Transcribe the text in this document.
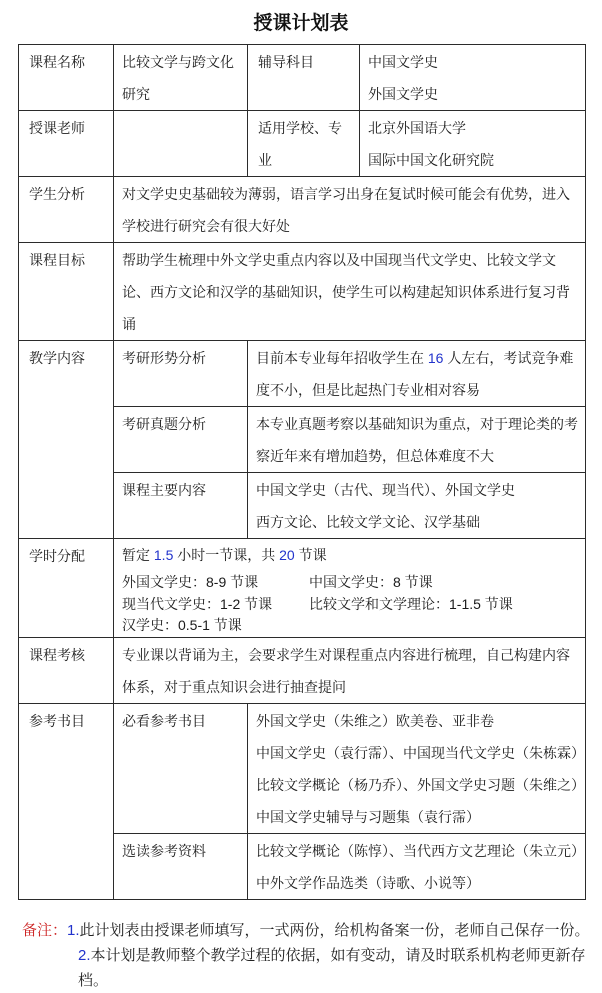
授课计划表
课程名称	比较文学与跨文化研究	辅导科目	中国文学史
外国文学史

授课老师		适用学校、专业	北京外国语大学
国际中国文化研究院

学生分析	对文学史史基础较为薄弱，语言学习出身在复试时候可能会有优势，进入学校进行研究会有很大好处		
课程目标	帮助学生梳理中外文学史重点内容以及中国现当代文学史、比较文学文论、西方文论和汉学的基础知识，使学生可以构建起知识体系进行复习背诵		
教学内容	考研形势分析	目前本专业每年招收学生在 16 人左右，考试竞争难度不小，但是比起热门专业相对容易	
	考研真题分析	本专业真题考察以基础知识为重点，对于理论类的考察近年来有增加趋势，但总体难度不大	
	课程主要内容	中国文学史（古代、现当代）、外国文学史
西方文论、比较文学文论、汉学基础	

学时分配	暂定 1.5 小时一节课，共 20 节课
外国文学史：8-9 节课	中国文学史：8 节课
现当代文学史：1-2 节课	比较文学和文学理论：1-1.5 节课
汉学史：0.5-1 节课

课程考核	专业课以背诵为主，会要求学生对课程重点内容进行梳理，自己构建内容体系，对于重点知识会进行抽查提问		
参考书目	必看参考书目	外国文学史（朱维之）欧美卷、亚非卷
中国文学史（袁行霈）、中国现当代文学史（朱栋霖）
比较文学概论（杨乃乔）、外国文学史习题（朱维之）
中国文学史辅导与习题集（袁行霈）	

	选读参考资料	比较文学概论（陈惇）、当代西方文艺理论（朱立元）
中外文学作品选类（诗歌、小说等）	
备注：1.此计划表由授课老师填写，一式两份，给机构备案一份，老师自己保存一份。
2.本计划是教师整个教学过程的依据，如有变动，请及时联系机构老师更新存档。
